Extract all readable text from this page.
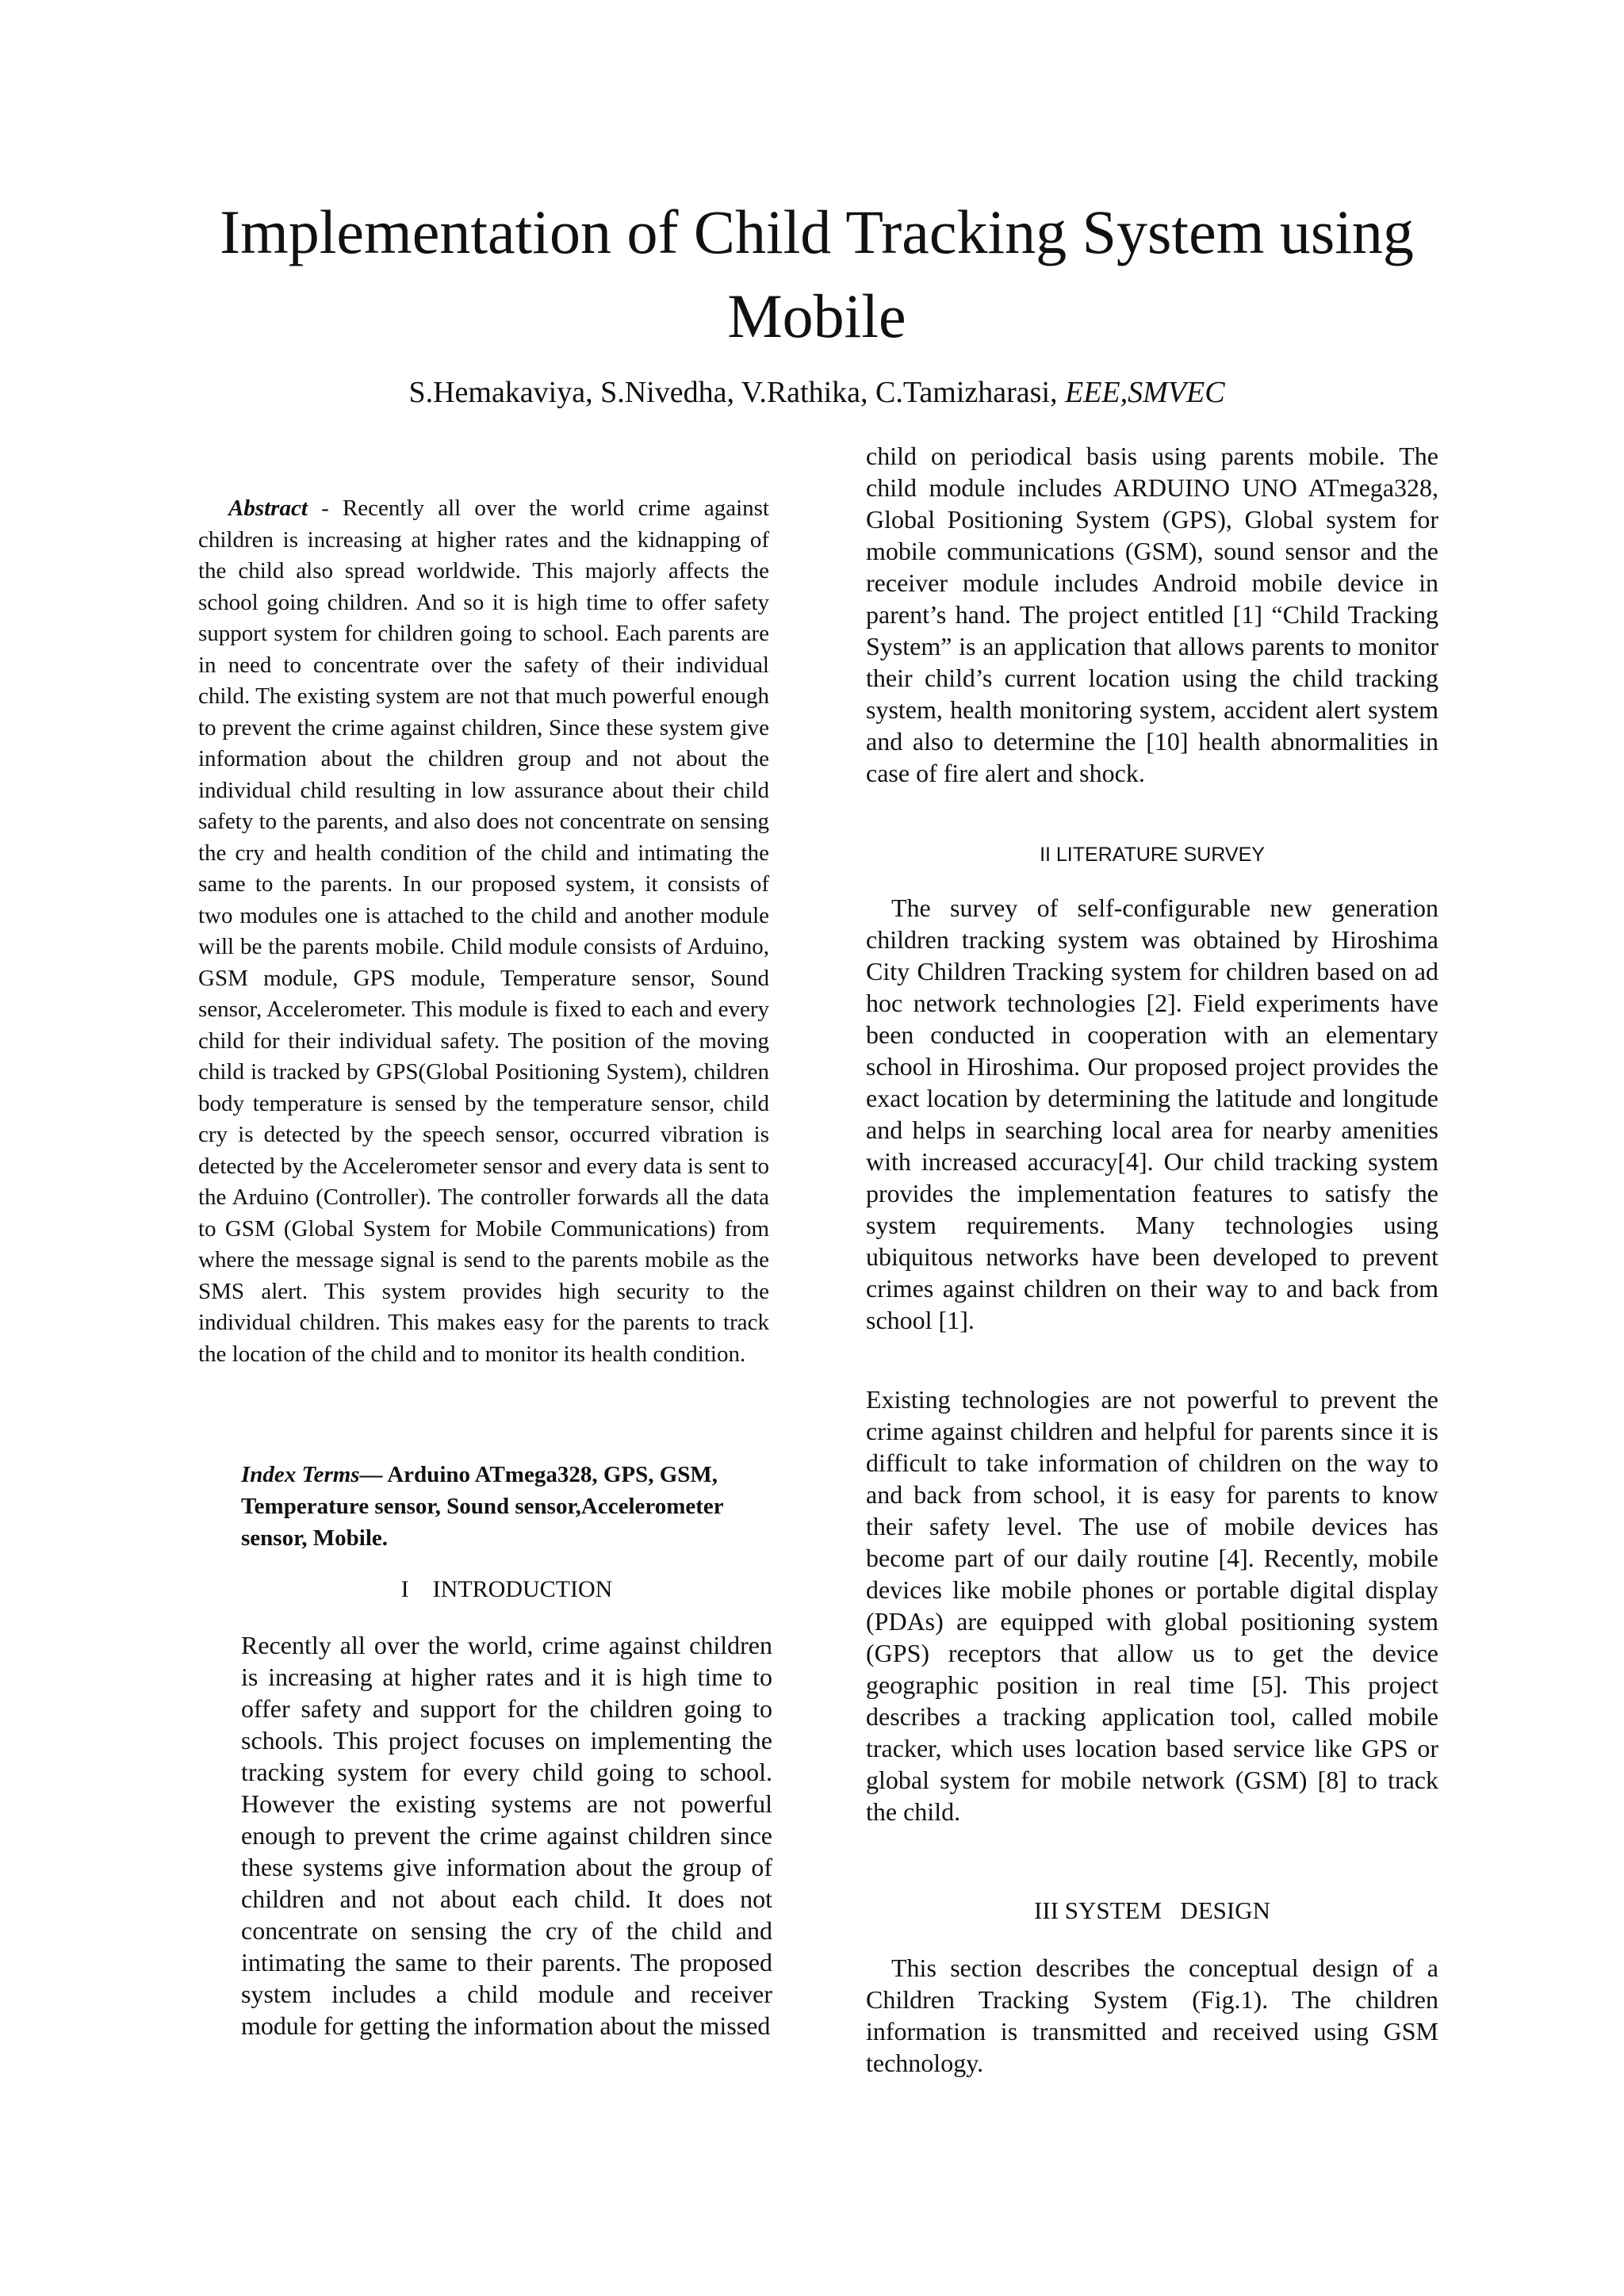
Implementation of Child Tracking System using Mobile
S.Hemakaviya, S.Nivedha, V.Rathika, C.Tamizharasi, EEE,SMVEC

Abstract - Recently all over the world crime against children is increasing at higher rates and the kidnapping of the child also spread worldwide. This majorly affects the school going children. And so it is high time to offer safety support system for children going to school. Each parents are in need to concentrate over the safety of their individual child. The existing system are not that much powerful enough to prevent the crime against children, Since these system give information about the children group and not about the individual child resulting in low assurance about their child safety to the parents, and also does not concentrate on sensing the cry and health condition of the child and intimating the same to the parents. In our proposed system, it consists of two modules one is attached to the child and another module will be the parents mobile. Child module consists of Arduino, GSM module, GPS module, Temperature sensor, Sound sensor, Accelerometer. This module is fixed to each and every child for their individual safety. The position of the moving child is tracked by GPS(Global Positioning System), children body temperature is sensed by the temperature sensor, child cry is detected by the speech sensor, occurred vibration is detected by the Accelerometer sensor and every data is sent to the Arduino (Controller). The controller forwards all the data to GSM (Global System for Mobile Communications) from where the message signal is send to the parents mobile as the SMS alert. This system provides high security to the individual children. This makes easy for the parents to track the location of the child and to monitor its health condition.

Index Terms— Arduino ATmega328, GPS, GSM, Temperature sensor, Sound sensor,Accelerometer sensor, Mobile.
I    INTRODUCTION

Recently all over the world, crime against children is increasing at higher rates and it is high time to offer safety and support for the children going to schools. This project focuses on implementing the tracking system for every child going to school. However the existing systems are not powerful enough to prevent the crime against children since these systems give information about the group of children and not about each child. It does not concentrate on sensing the cry of the child and intimating the same to their parents. The proposed system includes a child module and receiver module for getting the information about the missed

child on periodical basis using parents mobile. The child module includes ARDUINO UNO ATmega328, Global Positioning System (GPS), Global system for mobile communications (GSM), sound sensor and the receiver module includes Android mobile device in parent’s hand. The project entitled [1] “Child Tracking System” is an application that allows parents to monitor their child’s current location using the child tracking system, health monitoring system, accident alert system and also to determine the [10] health abnormalities in case of fire alert and shock.

II LITERATURE SURVEY

The survey of self-configurable new generation children tracking system was obtained by Hiroshima City Children Tracking system for children based on ad hoc network technologies [2]. Field experiments have been conducted in cooperation with an elementary school in Hiroshima. Our proposed project provides the exact location by determining the latitude and longitude and helps in searching local area for nearby amenities with increased accuracy[4]. Our child tracking system provides the implementation features to satisfy the system requirements. Many technologies using ubiquitous networks have been developed to prevent crimes against children on their way to and back from school [1].

Existing technologies are not powerful to prevent the crime against children and helpful for parents since it is difficult to take information of children on the way to and back from school, it is easy for parents to know their safety level. The use of mobile devices has become part of our daily routine [4]. Recently, mobile devices like mobile phones or portable digital display (PDAs) are equipped with global positioning system (GPS) receptors that allow us to get the device geographic position in real time [5]. This project describes a tracking application tool, called mobile tracker, which uses location based service like GPS or global system for mobile network (GSM) [8] to track the child.

III SYSTEM   DESIGN

This section describes the conceptual design of a Children Tracking System (Fig.1). The children information is transmitted and received using GSM technology.
